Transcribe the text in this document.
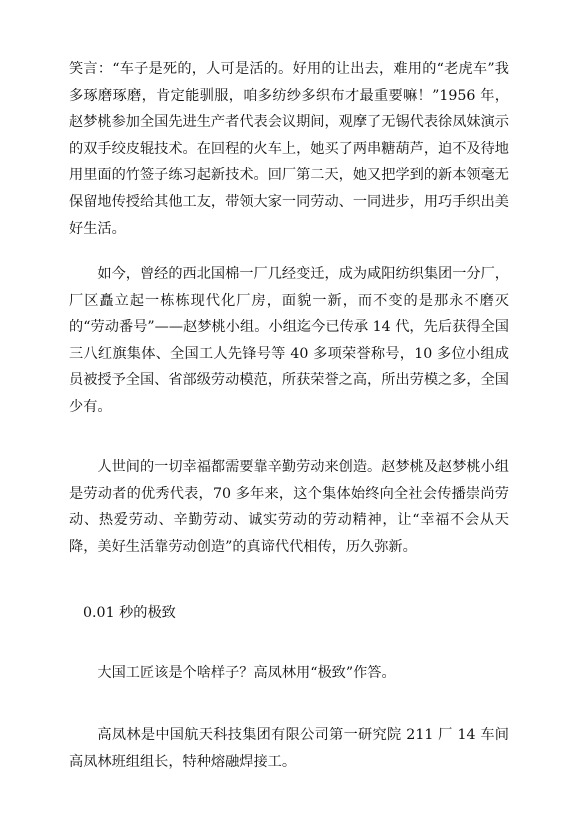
笑言：“车子是死的，人可是活的。好用的让出去，难用的“老虎车”我多琢磨琢磨，肯定能驯服，咱多纺纱多织布才最重要嘛！”1956 年，赵梦桃参加全国先进生产者代表会议期间，观摩了无锡代表徐凤妹演示的双手绞皮辊技术。在回程的火车上，她买了两串糖葫芦，迫不及待地用里面的竹签子练习起新技术。回厂第二天，她又把学到的新本领毫无保留地传授给其他工友，带领大家一同劳动、一同进步，用巧手织出美好生活。

如今，曾经的西北国棉一厂几经变迁，成为咸阳纺织集团一分厂，厂区矗立起一栋栋现代化厂房，面貌一新，而不变的是那永不磨灭的“劳动番号”——赵梦桃小组。小组迄今已传承 14 代，先后获得全国三八红旗集体、全国工人先锋号等 40 多项荣誉称号，10 多位小组成员被授予全国、省部级劳动模范，所获荣誉之高，所出劳模之多，全国少有。

人世间的一切幸福都需要靠辛勤劳动来创造。赵梦桃及赵梦桃小组是劳动者的优秀代表，70 多年来，这个集体始终向全社会传播崇尚劳动、热爱劳动、辛勤劳动、诚实劳动的劳动精神，让“幸福不会从天降，美好生活靠劳动创造”的真谛代代相传，历久弥新。

0.01 秒的极致

大国工匠该是个啥样子？高凤林用“极致”作答。

高凤林是中国航天科技集团有限公司第一研究院 211 厂 14 车间高凤林班组组长，特种熔融焊接工。
